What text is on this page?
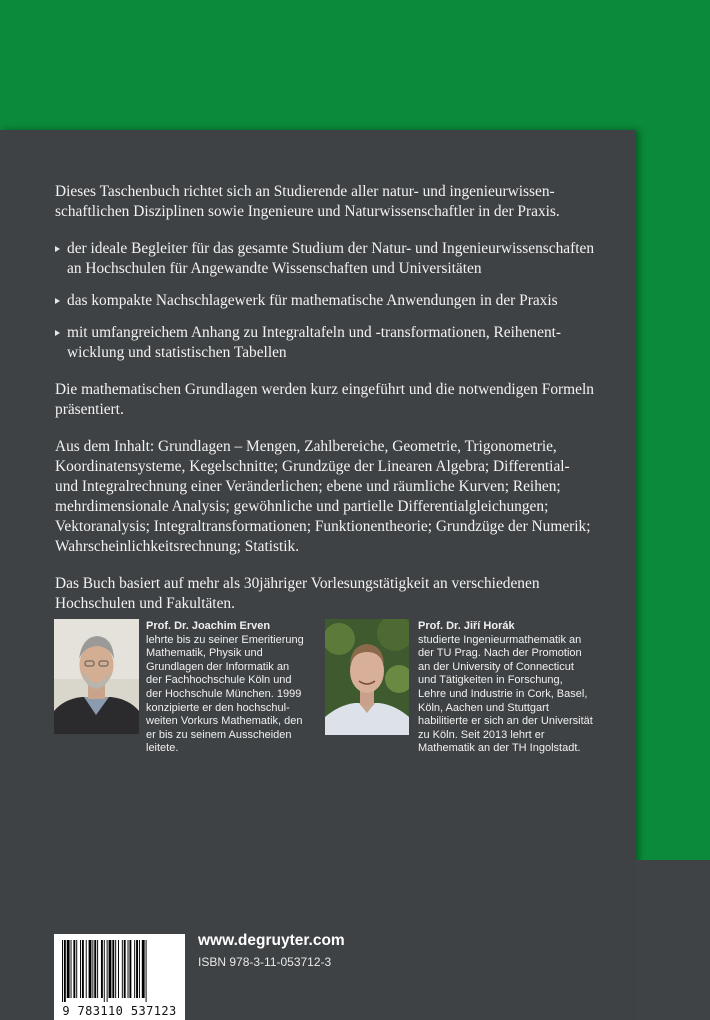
Dieses Taschenbuch richtet sich an Studierende aller natur- und ingenieurwissenschaftlichen Disziplinen sowie Ingenieure und Naturwissenschaftler in der Praxis.

der ideale Begleiter für das gesamte Studium der Natur- und Ingenieurwissenschaften an Hochschulen für Angewandte Wissenschaften und Universitäten
das kompakte Nachschlagewerk für mathematische Anwendungen in der Praxis
mit umfangreichem Anhang zu Integraltafeln und -transformationen, Reihenentwicklung und statistischen Tabellen

Die mathematischen Grundlagen werden kurz eingeführt und die notwendigen Formeln präsentiert.

Aus dem Inhalt: Grundlagen – Mengen, Zahlbereiche, Geometrie, Trigonometrie, Koordinatensysteme, Kegelschnitte; Grundzüge der Linearen Algebra; Differential- und Integralrechnung einer Veränderlichen; ebene und räumliche Kurven; Reihen; mehrdimensionale Analysis; gewöhnliche und partielle Differentialgleichungen; Vektoranalysis; Integraltransformationen; Funktionentheorie; Grundzüge der Numerik; Wahrscheinlichkeitsrechnung; Statistik.

Das Buch basiert auf mehr als 30jähriger Vorlesungstätigkeit an verschiedenen Hochschulen und Fakultäten.

Prof. Dr. Joachim Erven
lehrte bis zu seiner Emeritierung Mathematik, Physik und Grundlagen der Informatik an der Fachhochschule Köln und der Hochschule München. 1999 konzipierte er den hochschulweiten Vorkurs Mathematik, den er bis zu seinem Ausscheiden leitete.
Prof. Dr. Jiří Horák
studierte Ingenieurmathematik an der TU Prag. Nach der Promotion an der University of Connecticut und Tätigkeiten in Forschung, Lehre und Industrie in Cork, Basel, Köln, Aachen und Stuttgart habilitierte er sich an der Universität zu Köln. Seit 2013 lehrt er Mathematik an der TH Ingolstadt.
9 783110 537123
www.degruyter.com
ISBN 978-3-11-053712-3
